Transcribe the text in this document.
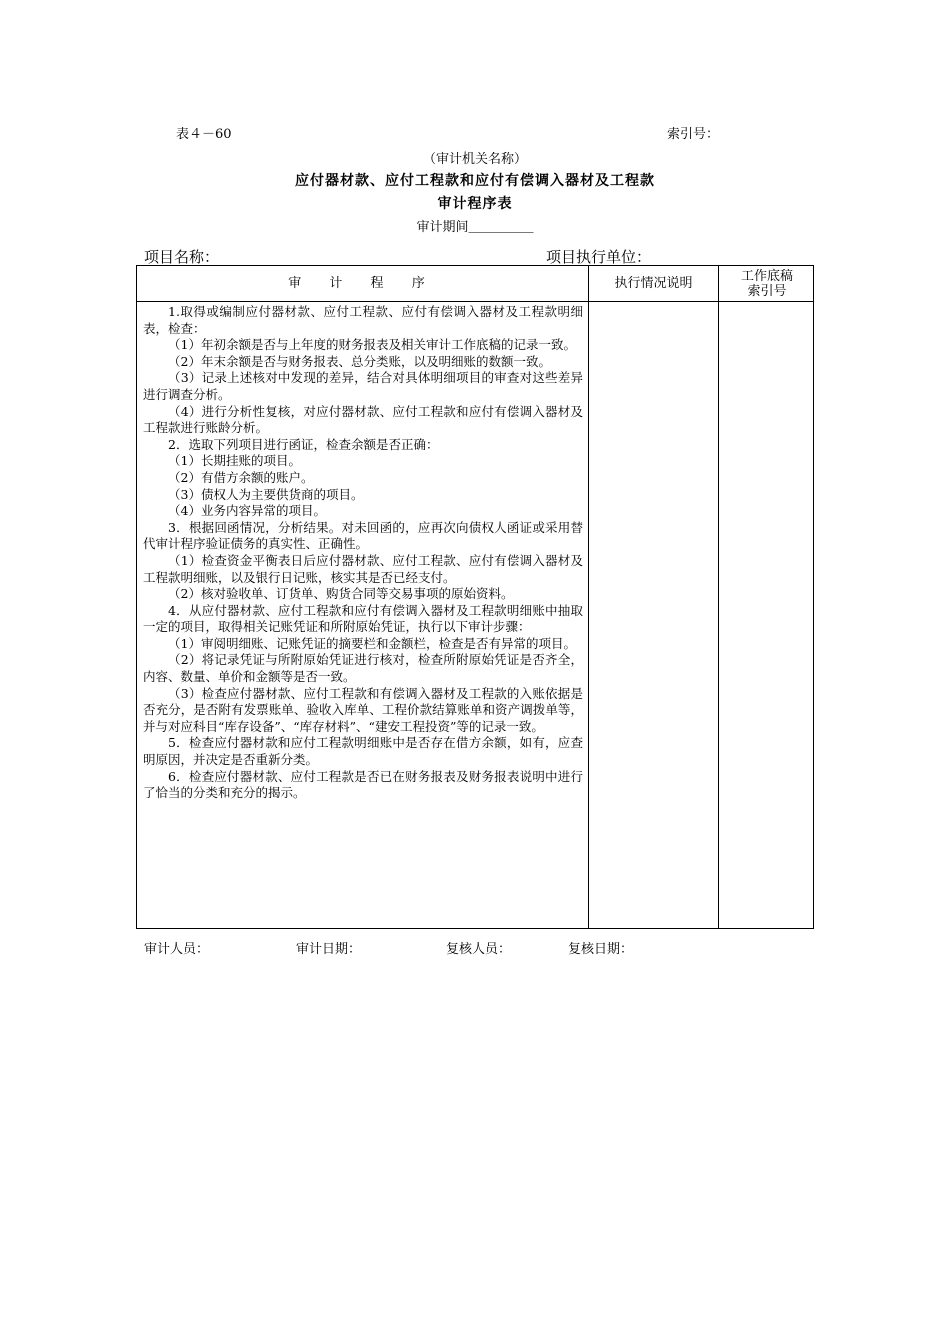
表４－60	索引号：
（审计机关名称）
应付器材款、应付工程款和应付有偿调入器材及工程款
审计程序表
审计期间＿＿＿＿＿
项目名称：	项目执行单位：
审 计 程 序	执行情况说明	工作底稿
索引号

1.取得或编制应付器材款、应付工程款、应付有偿调入器材及工程款明细表，检查：

（1）年初余额是否与上年度的财务报表及相关审计工作底稿的记录一致。

（2）年末余额是否与财务报表、总分类账，以及明细账的数额一致。

（3）记录上述核对中发现的差异，结合对具体明细项目的审查对这些差异进行调查分析。

（4）进行分析性复核，对应付器材款、应付工程款和应付有偿调入器材及工程款进行账龄分析。

2．选取下列项目进行函证，检查余额是否正确：

（1）长期挂账的项目。

（2）有借方余额的账户。

（3）债权人为主要供货商的项目。

（4）业务内容异常的项目。

3．根据回函情况，分析结果。对未回函的，应再次向债权人函证或采用替代审计程序验证债务的真实性、正确性。

（1）检查资金平衡表日后应付器材款、应付工程款、应付有偿调入器材及工程款明细账，以及银行日记账，核实其是否已经支付。

（2）核对验收单、订货单、购货合同等交易事项的原始资料。

4．从应付器材款、应付工程款和应付有偿调入器材及工程款明细账中抽取一定的项目，取得相关记账凭证和所附原始凭证，执行以下审计步骤：

（1）审阅明细账、记账凭证的摘要栏和金额栏，检查是否有异常的项目。

（2）将记录凭证与所附原始凭证进行核对，检查所附原始凭证是否齐全，内容、数量、单价和金额等是否一致。

（3）检查应付器材款、应付工程款和有偿调入器材及工程款的入账依据是否充分，是否附有发票账单、验收入库单、工程价款结算账单和资产调拨单等，并与对应科目“库存设备”、“库存材料”、“建安工程投资”等的记录一致。

5．检查应付器材款和应付工程款明细账中是否存在借方余额，如有，应查明原因，并决定是否重新分类。

6．检查应付器材款、应付工程款是否已在财务报表及财务报表说明中进行了恰当的分类和充分的揭示。

审计人员：	审计日期：	复核人员：	复核日期：
